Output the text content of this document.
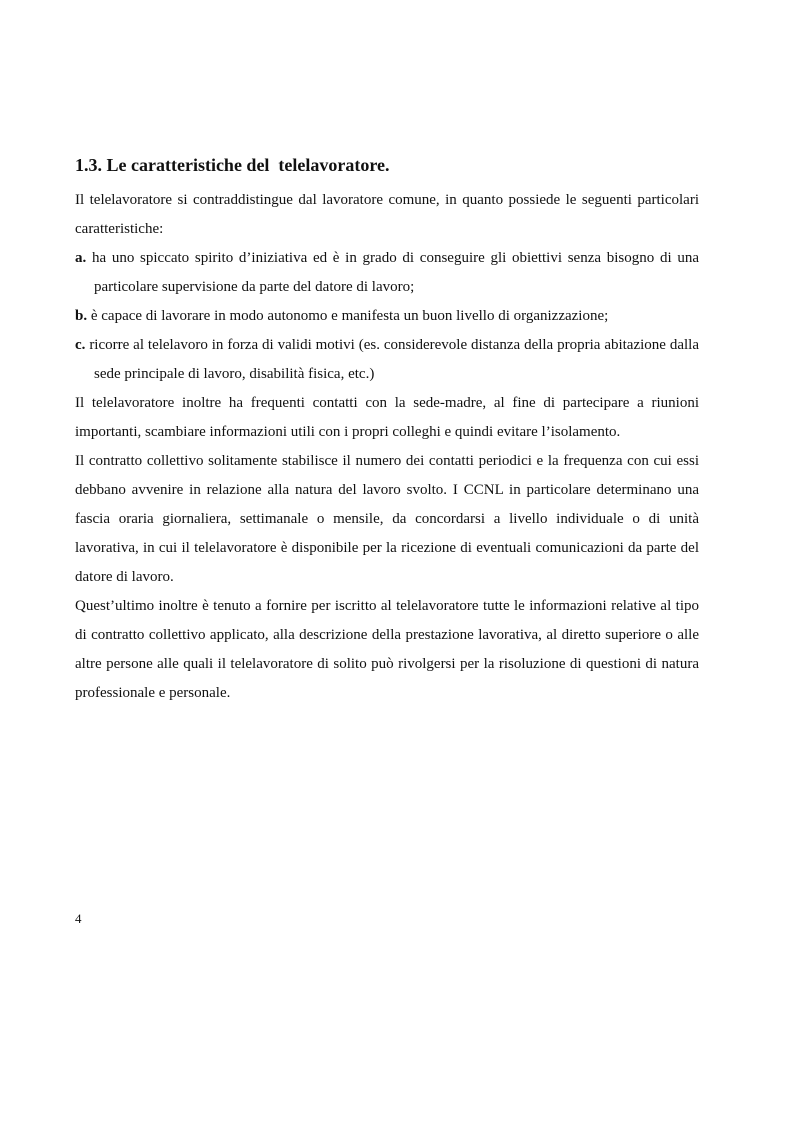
1.3. Le caratteristiche del  telelavoratore.

Il telelavoratore si contraddistingue dal lavoratore comune, in quanto possiede le seguenti particolari caratteristiche:

a. ha uno spiccato spirito d’iniziativa ed è in grado di conseguire gli obiettivi senza bisogno di una particolare supervisione da parte del datore di lavoro;

b. è capace di lavorare in modo autonomo e manifesta un buon livello di organizzazione;

c. ricorre al telelavoro in forza di validi motivi (es. considerevole distanza della propria abitazione dalla sede principale di lavoro, disabilità fisica, etc.)

Il telelavoratore inoltre ha frequenti contatti con la sede-madre, al fine di partecipare a riunioni importanti, scambiare informazioni utili con i propri colleghi e quindi evitare l’isolamento.

Il contratto collettivo solitamente stabilisce il numero dei contatti periodici e la frequenza con cui essi debbano avvenire in relazione alla natura del lavoro svolto. I CCNL in particolare determinano una fascia oraria giornaliera, settimanale o mensile, da concordarsi a livello individuale o di unità lavorativa, in cui il telelavoratore è disponibile per la ricezione di eventuali comunicazioni da parte del datore di lavoro.

Quest’ultimo inoltre è tenuto a fornire per iscritto al telelavoratore tutte le informazioni relative al tipo di contratto collettivo applicato, alla descrizione della prestazione lavorativa, al diretto superiore o alle altre persone alle quali il telelavoratore di solito può rivolgersi per la risoluzione di questioni di natura professionale e personale.

4
